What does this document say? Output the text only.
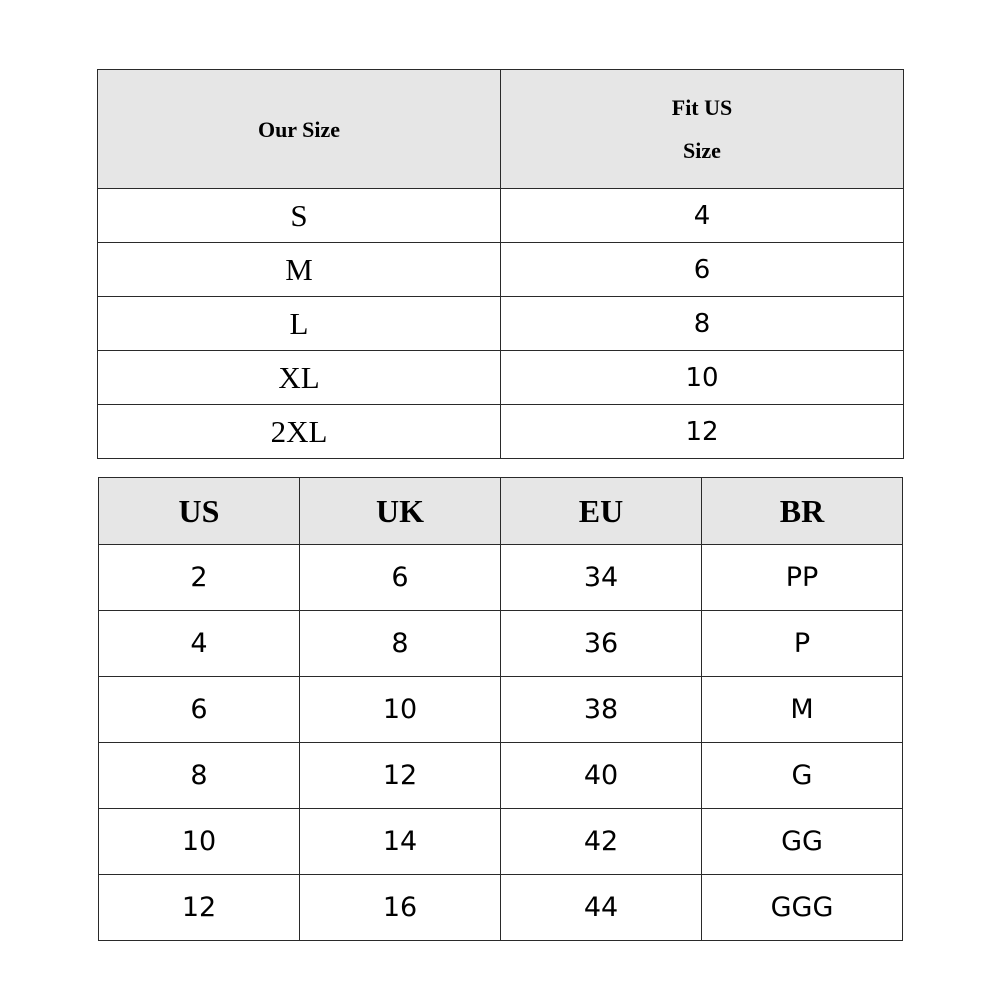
Our Size	Fit US
Size

S	4
M	6
L	8
XL	10
2XL	12
US	UK	EU	BR
2	6	34	PP
4	8	36	P
6	10	38	M
8	12	40	G
10	14	42	GG
12	16	44	GGG
